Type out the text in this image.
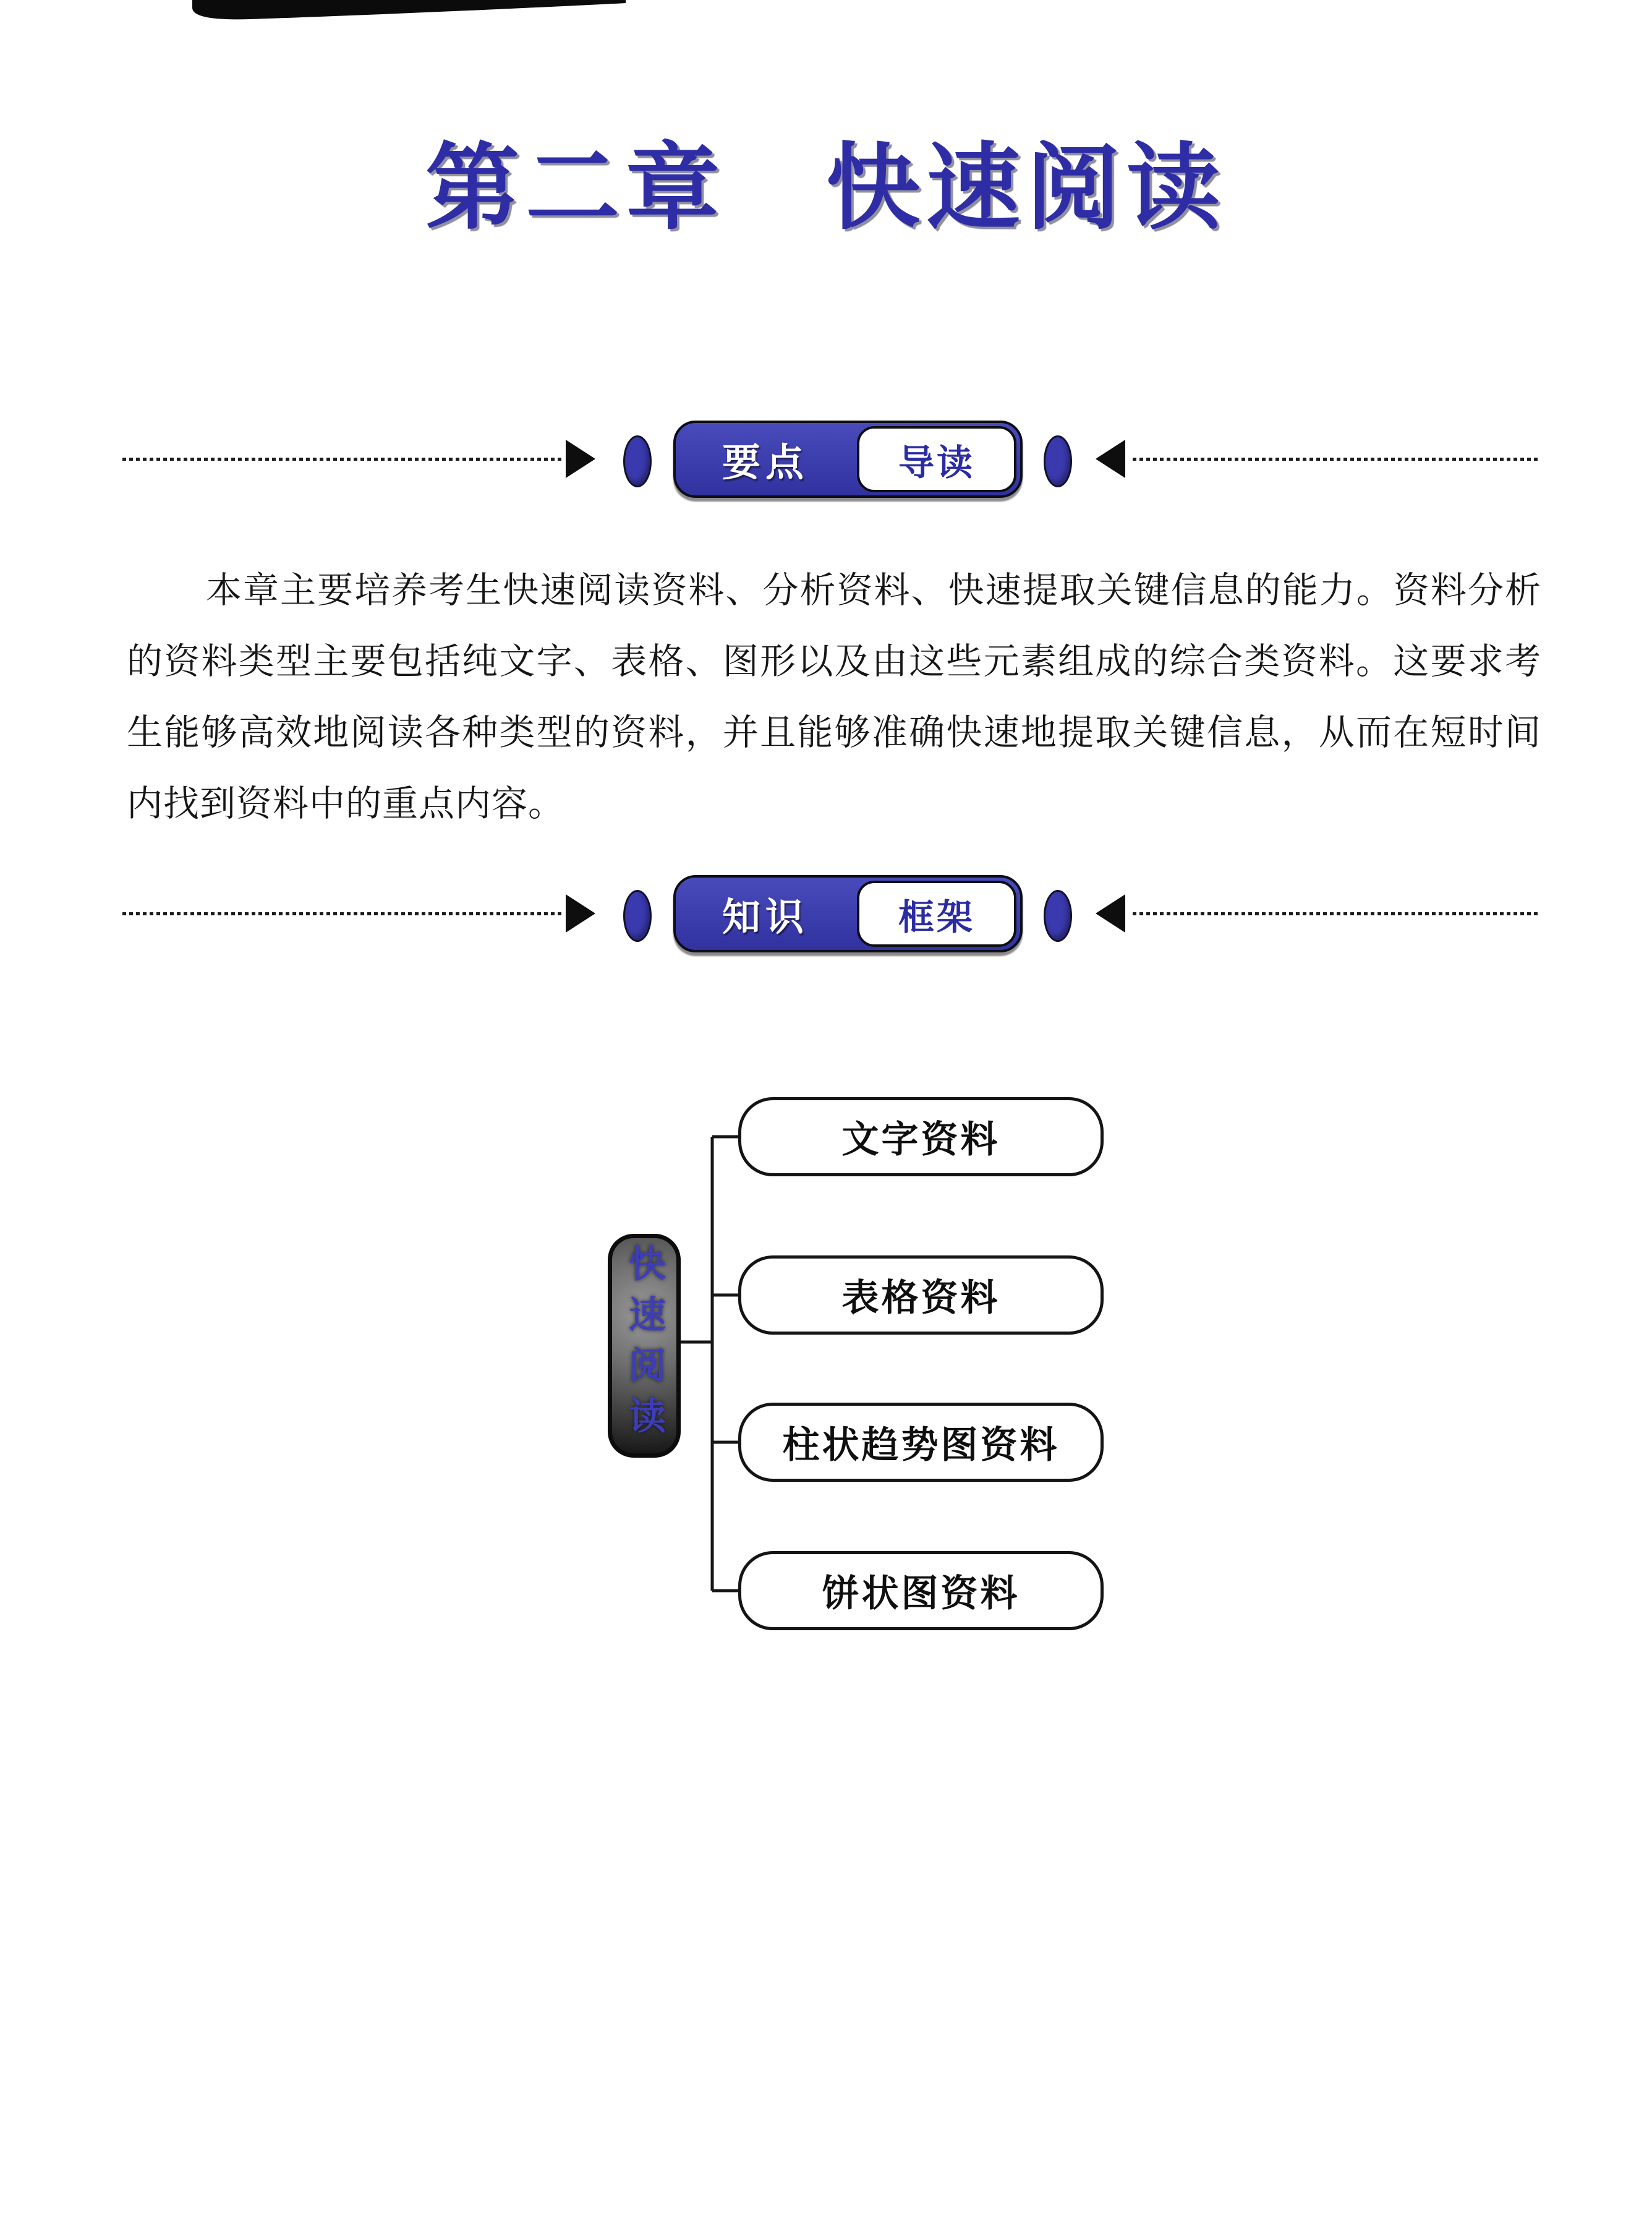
第二章　快速阅读
要点 导读
本章主要培养考生快速阅读资料、分析资料、快速提取关键信息的能力。资料分析的资料类型主要包括纯文字、表格、图形以及由这些元素组成的综合类资料。这要求考生能够高效地阅读各种类型的资料，并且能够准确快速地提取关键信息，从而在短时间内找到资料中的重点内容。
知识 框架
快速阅读
文字资料
表格资料
柱状趋势图资料
饼状图资料
